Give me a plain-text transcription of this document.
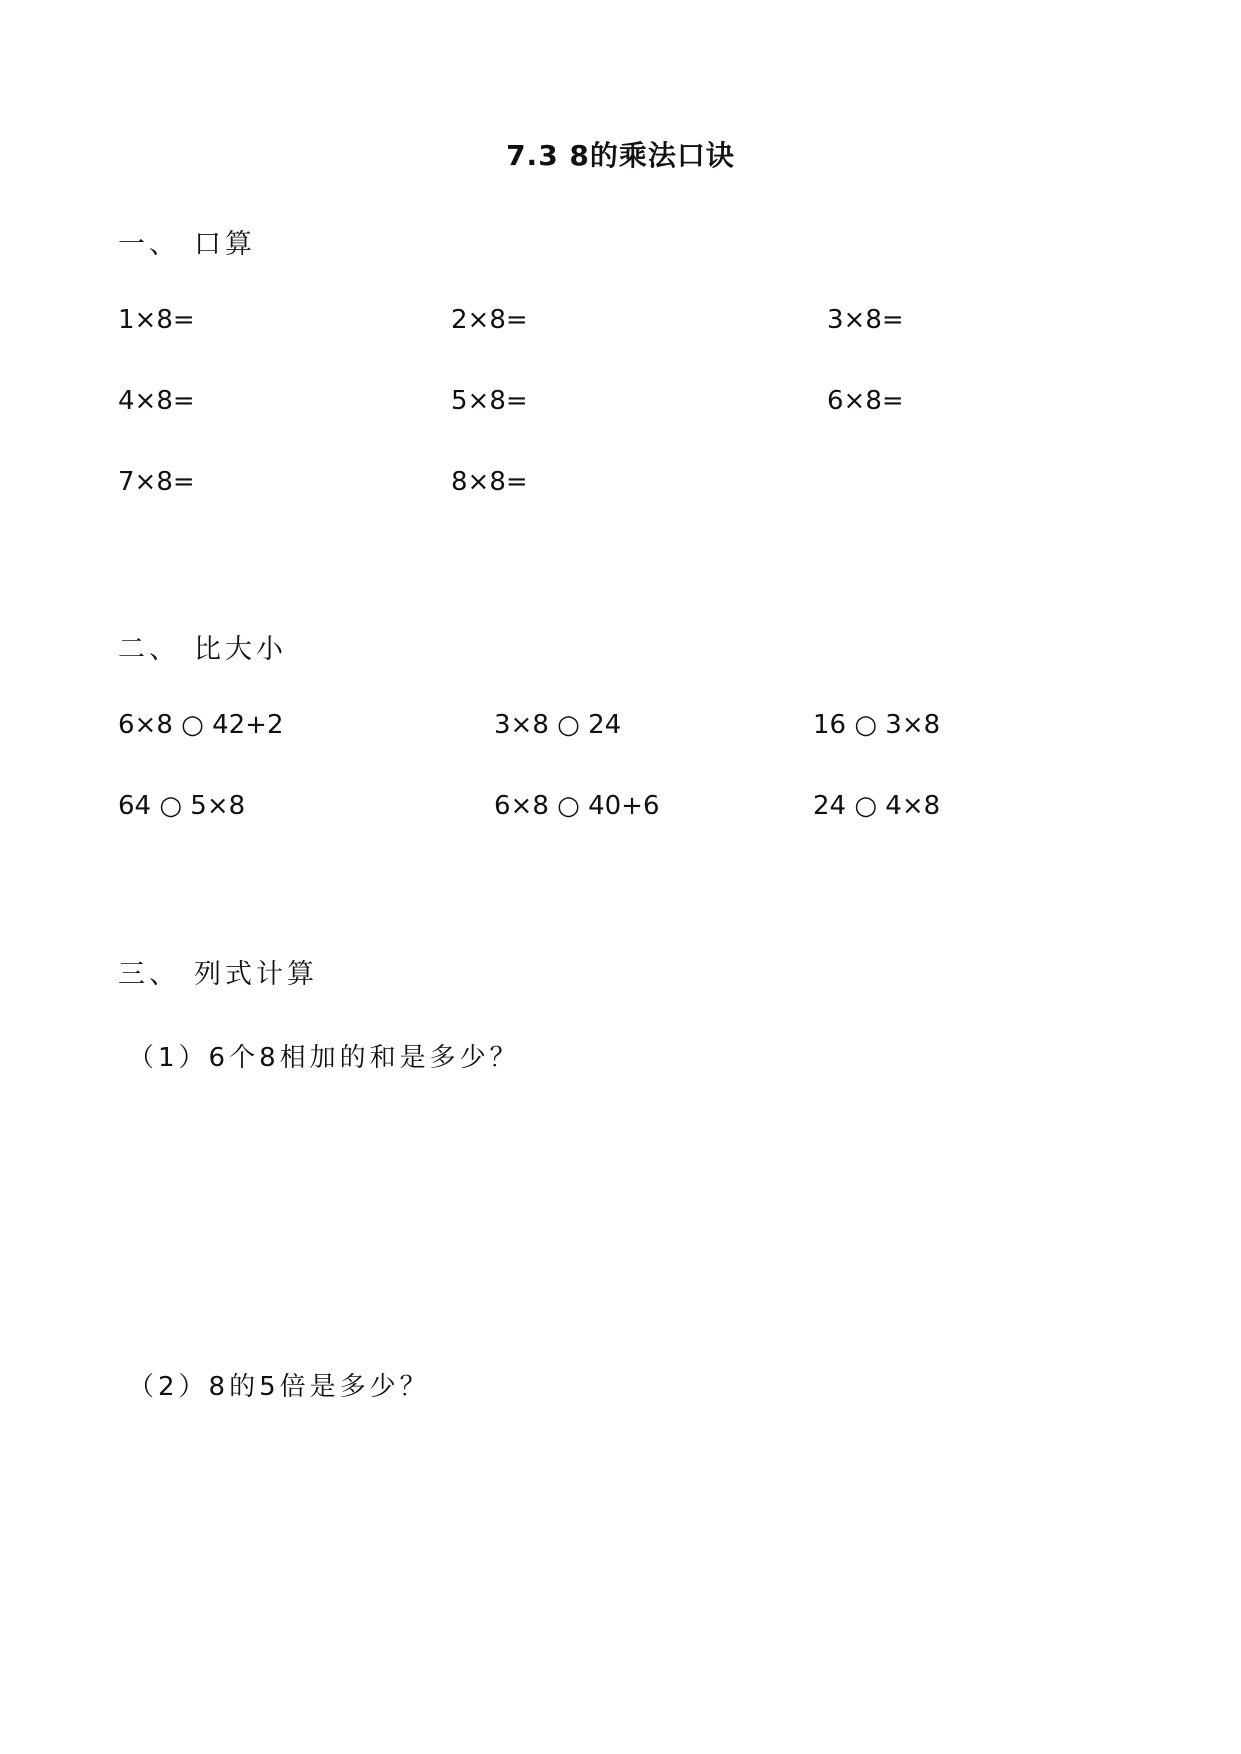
7.3 8的乘法口诀
一、 口算
1×8=	2×8=	3×8=
4×8=	5×8=	6×8=
7×8=	8×8=
二、 比大小
6×8 ○ 42+2	3×8 ○ 24	16 ○ 3×8
64 ○ 5×8	6×8 ○ 40+6	24 ○ 4×8
三、 列式计算
（1）6个8相加的和是多少？
（2）8的5倍是多少？
